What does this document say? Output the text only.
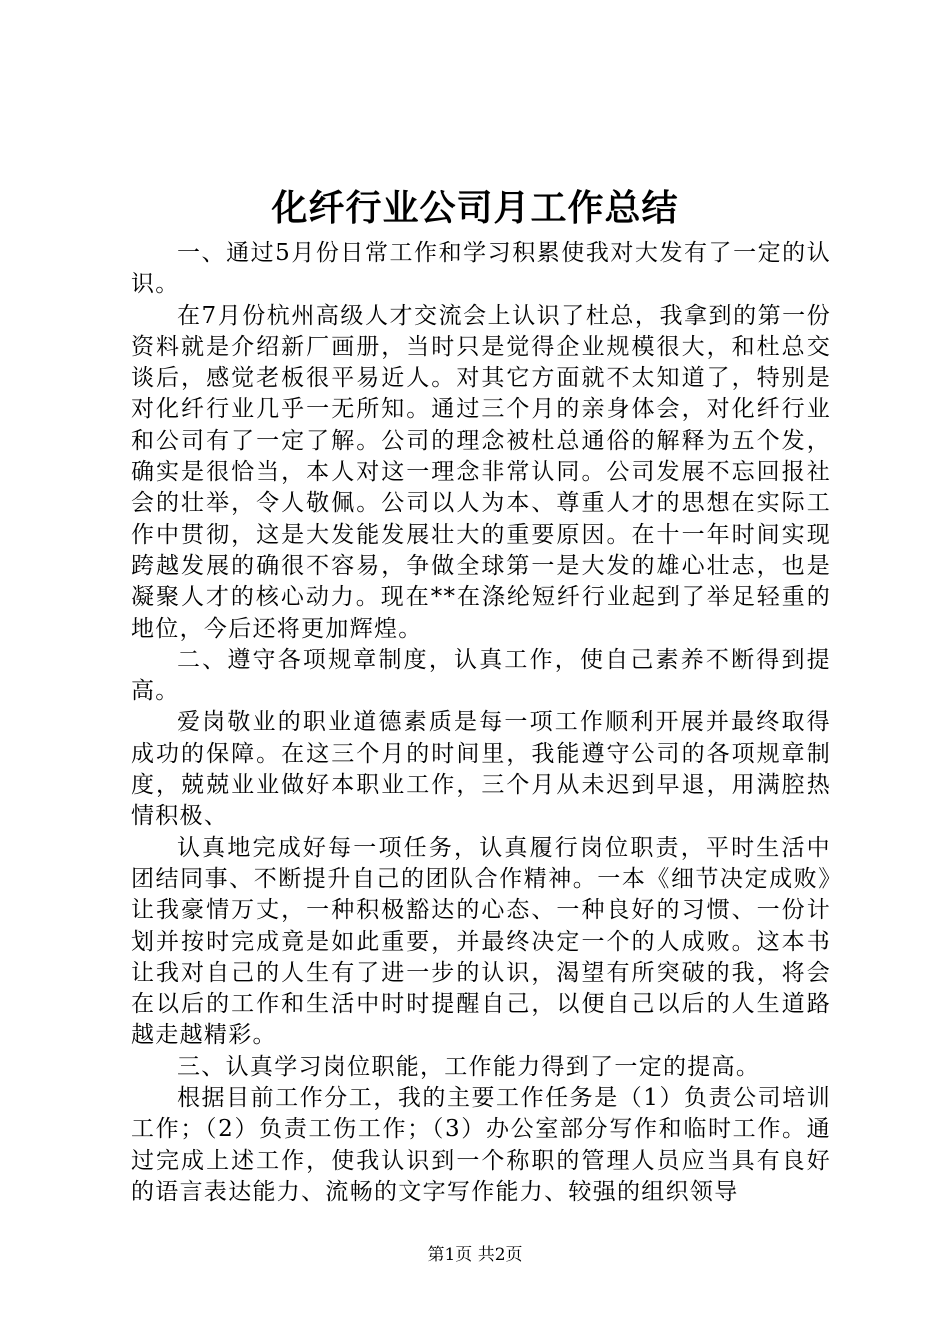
化纤行业公司月工作总结

一、通过5月份日常工作和学习积累使我对大发有了一定的认识。

在7月份杭州高级人才交流会上认识了杜总，我拿到的第一份资料就是介绍新厂画册，当时只是觉得企业规模很大，和杜总交谈后，感觉老板很平易近人。对其它方面就不太知道了，特别是对化纤行业几乎一无所知。通过三个月的亲身体会，对化纤行业和公司有了一定了解。公司的理念被杜总通俗的解释为五个发，确实是很恰当，本人对这一理念非常认同。公司发展不忘回报社会的壮举，令人敬佩。公司以人为本、尊重人才的思想在实际工作中贯彻，这是大发能发展壮大的重要原因。在十一年时间实现跨越发展的确很不容易，争做全球第一是大发的雄心壮志，也是凝聚人才的核心动力。现在**在涤纶短纤行业起到了举足轻重的地位，今后还将更加辉煌。

二、遵守各项规章制度，认真工作，使自己素养不断得到提高。

爱岗敬业的职业道德素质是每一项工作顺利开展并最终取得成功的保障。在这三个月的时间里，我能遵守公司的各项规章制度，兢兢业业做好本职业工作，三个月从未迟到早退，用满腔热情积极、

认真地完成好每一项任务，认真履行岗位职责，平时生活中团结同事、不断提升自己的团队合作精神。一本《细节决定成败》让我豪情万丈，一种积极豁达的心态、一种良好的习惯、一份计划并按时完成竟是如此重要，并最终决定一个的人成败。这本书让我对自己的人生有了进一步的认识，渴望有所突破的我，将会在以后的工作和生活中时时提醒自己，以便自己以后的人生道路越走越精彩。

三、认真学习岗位职能，工作能力得到了一定的提高。

根据目前工作分工，我的主要工作任务是（1）负责公司培训工作；（2）负责工伤工作；（3）办公室部分写作和临时工作。通过完成上述工作，使我认识到一个称职的管理人员应当具有良好的语言表达能力、流畅的文字写作能力、较强的组织领导

第1页 共2页
